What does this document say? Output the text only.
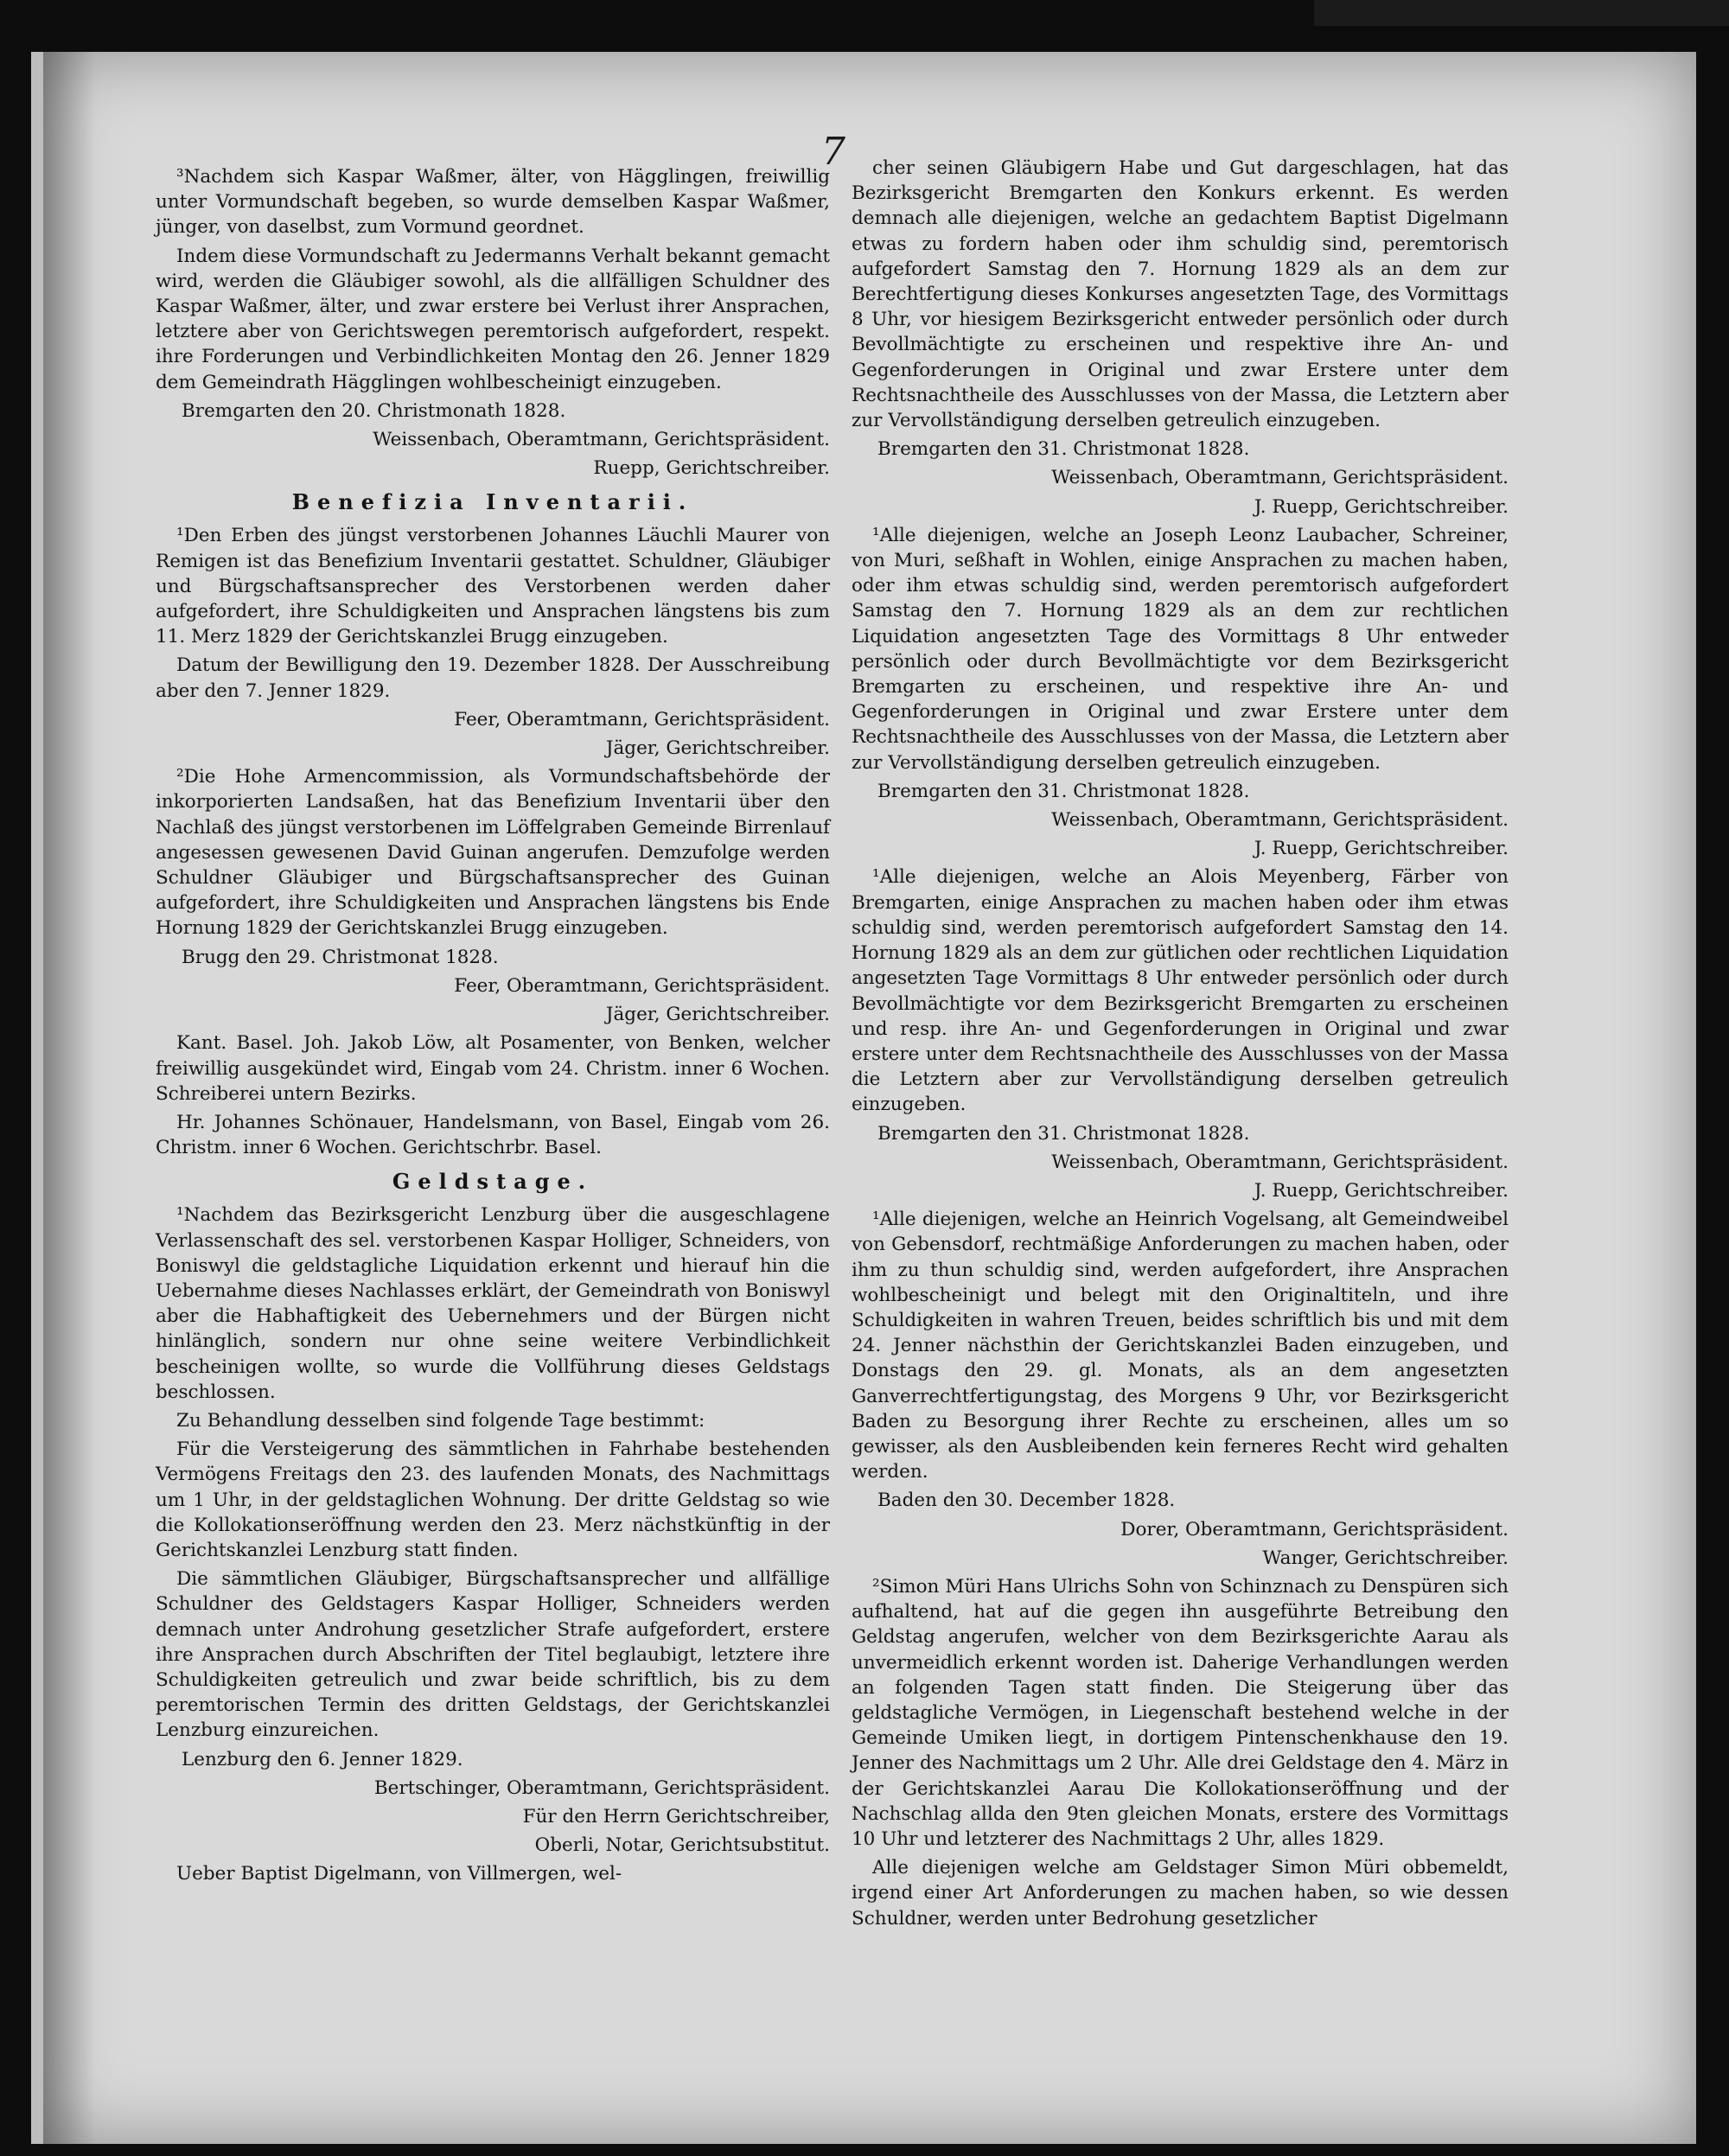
7

³Nachdem sich Kaspar Waßmer, älter, von Hägglingen, freiwillig unter Vormundschaft begeben, so wurde demselben Kaspar Waßmer, jünger, von daselbst, zum Vormund geordnet.

Indem diese Vormundschaft zu Jedermanns Verhalt bekannt gemacht wird, werden die Gläubiger sowohl, als die allfälligen Schuldner des Kaspar Waßmer, älter, und zwar erstere bei Verlust ihrer Ansprachen, letztere aber von Gerichtswegen peremtorisch aufgefordert, respekt. ihre Forderungen und Verbindlichkeiten Montag den 26. Jenner 1829 dem Gemeindrath Hägglingen wohlbescheinigt einzugeben.

Bremgarten den 20. Christmonath 1828.

Weissenbach, Oberamtmann, Gerichtspräsident.

Ruepp, Gerichtschreiber.

Benefizia Inventarii.

¹Den Erben des jüngst verstorbenen Johannes Läuchli Maurer von Remigen ist das Benefizium Inventarii gestattet. Schuldner, Gläubiger und Bürgschaftsansprecher des Verstorbenen werden daher aufgefordert, ihre Schuldigkeiten und Ansprachen längstens bis zum 11. Merz 1829 der Gerichtskanzlei Brugg einzugeben.

Datum der Bewilligung den 19. Dezember 1828. Der Ausschreibung aber den 7. Jenner 1829.

Feer, Oberamtmann, Gerichtspräsident.

Jäger, Gerichtschreiber.

²Die Hohe Armencommission, als Vormundschaftsbehörde der inkorporierten Landsaßen, hat das Benefizium Inventarii über den Nachlaß des jüngst verstorbenen im Löffelgraben Gemeinde Birrenlauf angesessen gewesenen David Guinan angerufen. Demzufolge werden Schuldner Gläubiger und Bürgschaftsansprecher des Guinan aufgefordert, ihre Schuldigkeiten und Ansprachen längstens bis Ende Hornung 1829 der Gerichtskanzlei Brugg einzugeben.

Brugg den 29. Christmonat 1828.

Feer, Oberamtmann, Gerichtspräsident.

Jäger, Gerichtschreiber.

Kant. Basel. Joh. Jakob Löw, alt Posamenter, von Benken, welcher freiwillig ausgekündet wird, Eingab vom 24. Christm. inner 6 Wochen. Schreiberei untern Bezirks.

Hr. Johannes Schönauer, Handelsmann, von Basel, Eingab vom 26. Christm. inner 6 Wochen. Gerichtschrbr. Basel.

Geldstage.

¹Nachdem das Bezirksgericht Lenzburg über die ausgeschlagene Verlassenschaft des sel. verstorbenen Kaspar Holliger, Schneiders, von Boniswyl die geldstagliche Liquidation erkennt und hierauf hin die Uebernahme dieses Nachlasses erklärt, der Gemeindrath von Boniswyl aber die Habhaftigkeit des Uebernehmers und der Bürgen nicht hinlänglich, sondern nur ohne seine weitere Verbindlichkeit bescheinigen wollte, so wurde die Vollführung dieses Geldstags beschlossen.

Zu Behandlung desselben sind folgende Tage bestimmt:

Für die Versteigerung des sämmtlichen in Fahrhabe bestehenden Vermögens Freitags den 23. des laufenden Monats, des Nachmittags um 1 Uhr, in der geldstaglichen Wohnung. Der dritte Geldstag so wie die Kollokationseröffnung werden den 23. Merz nächstkünftig in der Gerichtskanzlei Lenzburg statt finden.

Die sämmtlichen Gläubiger, Bürgschaftsansprecher und allfällige Schuldner des Geldstagers Kaspar Holliger, Schneiders werden demnach unter Androhung gesetzlicher Strafe aufgefordert, erstere ihre Ansprachen durch Abschriften der Titel beglaubigt, letztere ihre Schuldigkeiten getreulich und zwar beide schriftlich, bis zu dem peremtorischen Termin des dritten Geldstags, der Gerichtskanzlei Lenzburg einzureichen.

Lenzburg den 6. Jenner 1829.

Bertschinger, Oberamtmann, Gerichtspräsident.

Für den Herrn Gerichtschreiber,

Oberli, Notar, Gerichtsubstitut.

Ueber Baptist Digelmann, von Villmergen, wel-

cher seinen Gläubigern Habe und Gut dargeschlagen, hat das Bezirksgericht Bremgarten den Konkurs erkennt. Es werden demnach alle diejenigen, welche an gedachtem Baptist Digelmann etwas zu fordern haben oder ihm schuldig sind, peremtorisch aufgefordert Samstag den 7. Hornung 1829 als an dem zur Berechtfertigung dieses Konkurses angesetzten Tage, des Vormittags 8 Uhr, vor hiesigem Bezirksgericht entweder persönlich oder durch Bevollmächtigte zu erscheinen und respektive ihre An- und Gegenforderungen in Original und zwar Erstere unter dem Rechtsnachtheile des Ausschlusses von der Massa, die Letztern aber zur Vervollständigung derselben getreulich einzugeben.

Bremgarten den 31. Christmonat 1828.

Weissenbach, Oberamtmann, Gerichtspräsident.

J. Ruepp, Gerichtschreiber.

¹Alle diejenigen, welche an Joseph Leonz Laubacher, Schreiner, von Muri, seßhaft in Wohlen, einige Ansprachen zu machen haben, oder ihm etwas schuldig sind, werden peremtorisch aufgefordert Samstag den 7. Hornung 1829 als an dem zur rechtlichen Liquidation angesetzten Tage des Vormittags 8 Uhr entweder persönlich oder durch Bevollmächtigte vor dem Bezirksgericht Bremgarten zu erscheinen, und respektive ihre An- und Gegenforderungen in Original und zwar Erstere unter dem Rechtsnachtheile des Ausschlusses von der Massa, die Letztern aber zur Vervollständigung derselben getreulich einzugeben.

Bremgarten den 31. Christmonat 1828.

Weissenbach, Oberamtmann, Gerichtspräsident.

J. Ruepp, Gerichtschreiber.

¹Alle diejenigen, welche an Alois Meyenberg, Färber von Bremgarten, einige Ansprachen zu machen haben oder ihm etwas schuldig sind, werden peremtorisch aufgefordert Samstag den 14. Hornung 1829 als an dem zur gütlichen oder rechtlichen Liquidation angesetzten Tage Vormittags 8 Uhr entweder persönlich oder durch Bevollmächtigte vor dem Bezirksgericht Bremgarten zu erscheinen und resp. ihre An- und Gegenforderungen in Original und zwar erstere unter dem Rechtsnachtheile des Ausschlusses von der Massa die Letztern aber zur Vervollständigung derselben getreulich einzugeben.

Bremgarten den 31. Christmonat 1828.

Weissenbach, Oberamtmann, Gerichtspräsident.

J. Ruepp, Gerichtschreiber.

¹Alle diejenigen, welche an Heinrich Vogelsang, alt Gemeindweibel von Gebensdorf, rechtmäßige Anforderungen zu machen haben, oder ihm zu thun schuldig sind, werden aufgefordert, ihre Ansprachen wohlbescheinigt und belegt mit den Originaltiteln, und ihre Schuldigkeiten in wahren Treuen, beides schriftlich bis und mit dem 24. Jenner nächsthin der Gerichtskanzlei Baden einzugeben, und Donstags den 29. gl. Monats, als an dem angesetzten Ganverrechtfertigungstag, des Morgens 9 Uhr, vor Bezirksgericht Baden zu Besorgung ihrer Rechte zu erscheinen, alles um so gewisser, als den Ausbleibenden kein ferneres Recht wird gehalten werden.

Baden den 30. December 1828.

Dorer, Oberamtmann, Gerichtspräsident.

Wanger, Gerichtschreiber.

²Simon Müri Hans Ulrichs Sohn von Schinznach zu Denspüren sich aufhaltend, hat auf die gegen ihn ausgeführte Betreibung den Geldstag angerufen, welcher von dem Bezirksgerichte Aarau als unvermeidlich erkennt worden ist. Daherige Verhandlungen werden an folgenden Tagen statt finden. Die Steigerung über das geldstagliche Vermögen, in Liegenschaft bestehend welche in der Gemeinde Umiken liegt, in dortigem Pintenschenkhause den 19. Jenner des Nachmittags um 2 Uhr. Alle drei Geldstage den 4. März in der Gerichtskanzlei Aarau Die Kollokationseröffnung und der Nachschlag allda den 9ten gleichen Monats, erstere des Vormittags 10 Uhr und letzterer des Nachmittags 2 Uhr, alles 1829.

Alle diejenigen welche am Geldstager Simon Müri obbemeldt, irgend einer Art Anforderungen zu machen haben, so wie dessen Schuldner, werden unter Bedrohung gesetzlicher
